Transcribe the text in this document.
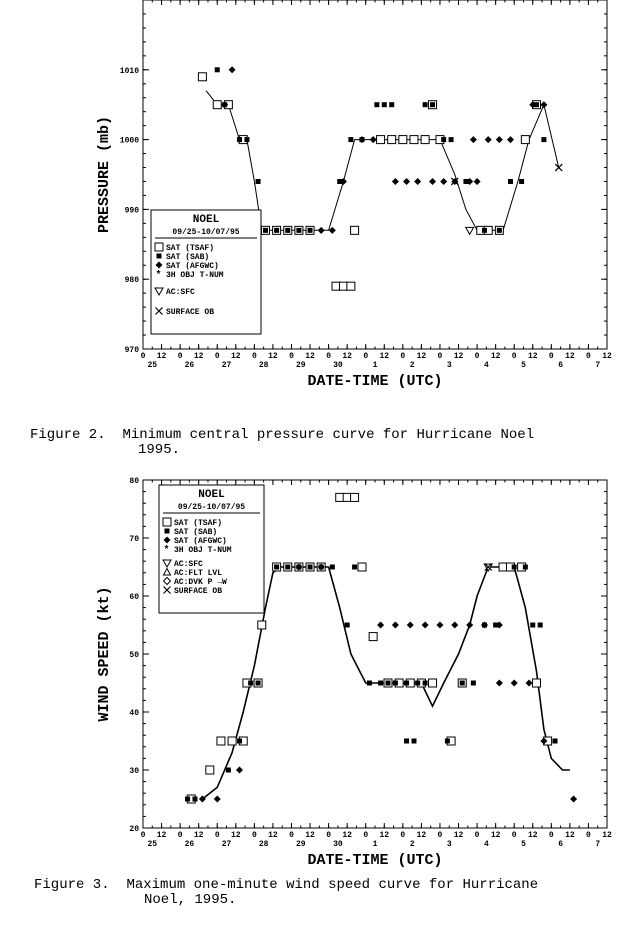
970
980
990
1000
1010
0 12 0 12 0 12 0 12 0 12 0 12 0 12 0 12 0 12 0 12 0 12 0 12 0 12
25	26	27	28	29	30	1	2	3	4	5	6	7
DATE-TIME (UTC)
PRESSURE (mb)	NOEL
09/25-10/07/95
SAT (TSAF)
SAT (SAB)
SAT (AFGWC)
* 3H OBJ T-NUM
AC:SFC
SURFACE OB
Figure 2. Minimum central pressure curve for Hurricane Noel
1995.
20
30
40
50
60
70
80
0 12 0 12 0 12 0 12 0 12 0 12 0 12 0 12 0 12 0 12 0 12 0 12 0 12
25	26	27	28	29	30	1	2	3	4	5	6	7
DATE-TIME (UTC)
WIND SPEED (kt)
NOEL
09/25-10/07/95
SAT (TSAF)
SAT (SAB)
SAT (AFGWC)
* 3H OBJ T-NUM
AC:SFC
AC:FLT LVL
AC:DVK P →W
SURFACE OB
Figure 3. Maximum one-minute wind speed curve for Hurricane
Noel, 1995.
